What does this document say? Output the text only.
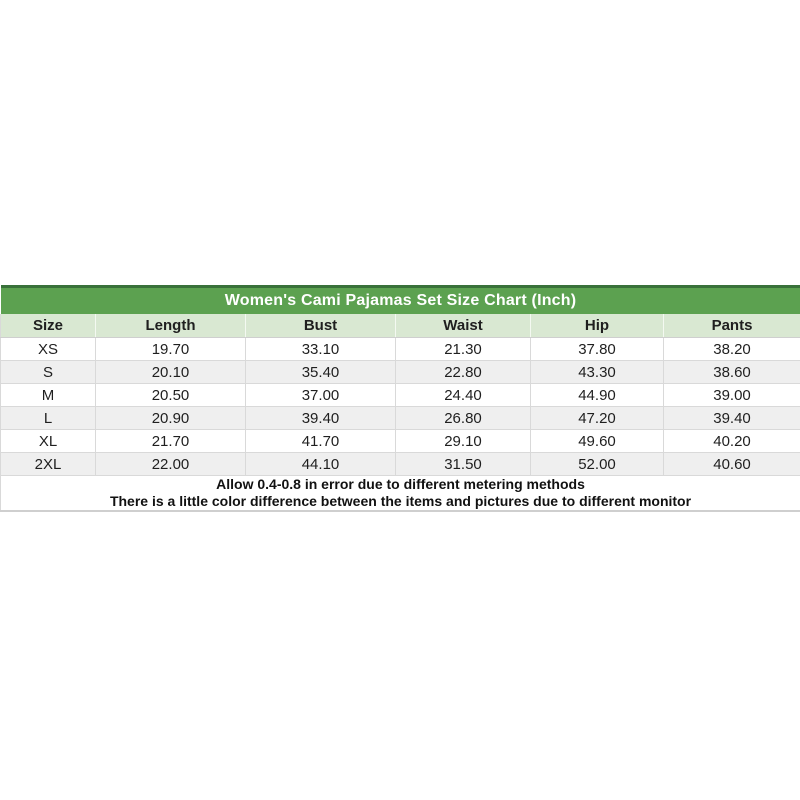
Women's Cami Pajamas Set Size Chart (Inch)					
Size	Length	Bust	Waist	Hip	Pants
XS	19.70	33.10	21.30	37.80	38.20
S	20.10	35.40	22.80	43.30	38.60
M	20.50	37.00	24.40	44.90	39.00
L	20.90	39.40	26.80	47.20	39.40
XL	21.70	41.70	29.10	49.60	40.20
2XL	22.00	44.10	31.50	52.00	40.60

Allow 0.4-0.8 in error due to different metering methods
There is a little color difference between the items and pictures due to different monitor					
